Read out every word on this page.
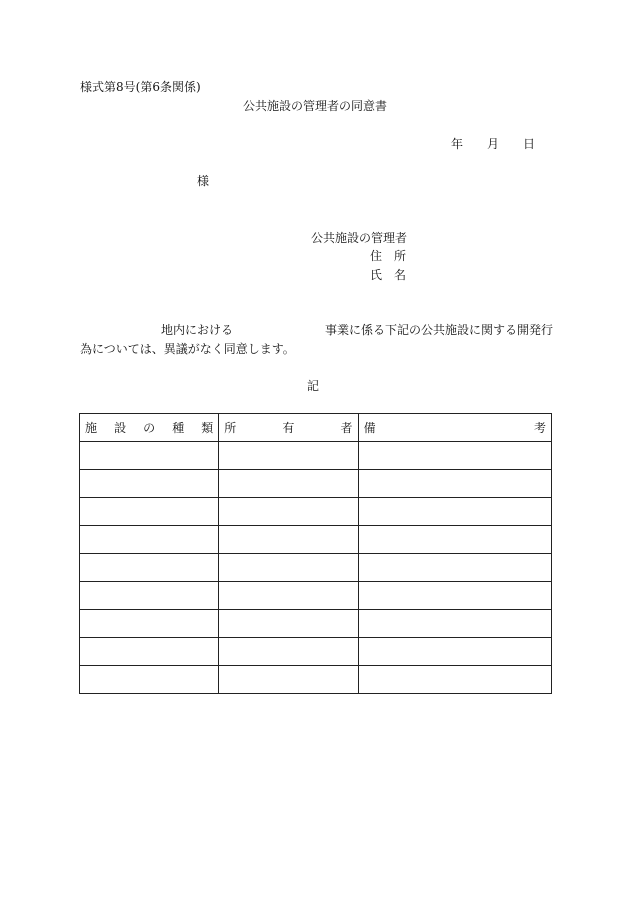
様式第8号(第6条関係)
公共施設の管理者の同意書
年 月 日
様
公共施設の管理者
住　所
氏　名
地内における	事業に係る下記の公共施設に関する開発行
為については、異議がなく同意します。
記
施 設 の 種 類	所 有 者	備 考
